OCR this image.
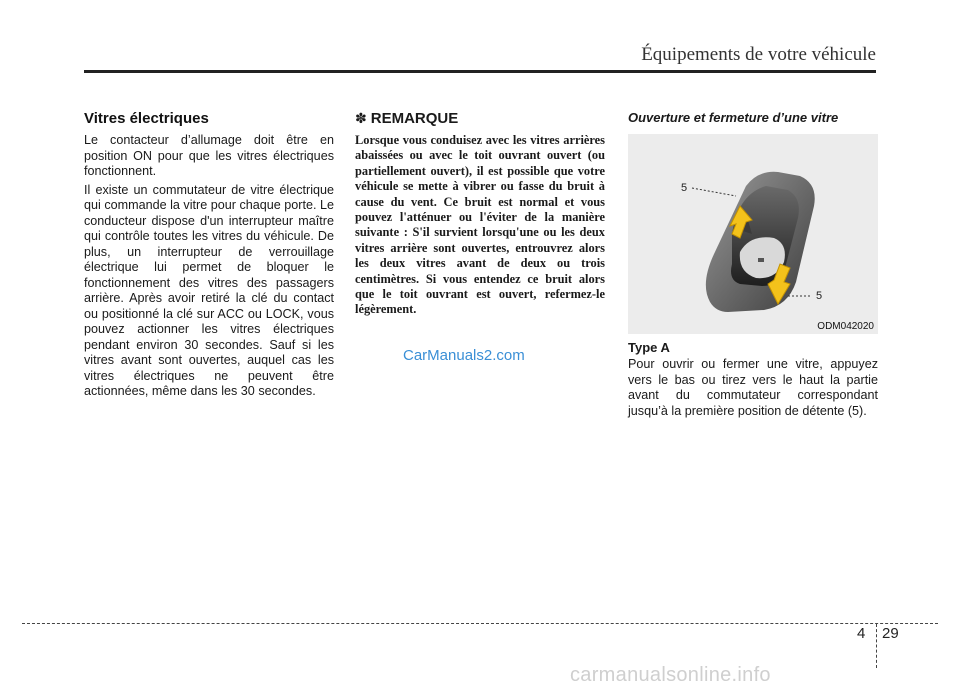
Équipements de votre véhicule
Vitres électriques

Le contacteur d’allumage doit être en position ON pour que les vitres électriques fonctionnent.

Il existe un commutateur de vitre électrique qui commande la vitre pour chaque porte. Le conducteur dispose d'un interrupteur maître qui contrôle toutes les vitres du véhicule. De plus, un interrupteur de verrouillage électrique lui permet de bloquer le fonctionnement des vitres des passagers arrière. Après avoir retiré la clé du contact ou positionné la clé sur ACC ou LOCK, vous pouvez actionner les vitres électriques pendant environ 30 secondes. Sauf si les vitres avant sont ouvertes, auquel cas les vitres électriques ne peuvent être actionnées, même dans les 30 secondes.

✽ REMARQUE

Lorsque vous conduisez avec les vitres arrières abaissées ou avec le toit ouvrant ouvert (ou partiellement ouvert), il est possible que votre véhicule se mette à vibrer ou fasse du bruit à cause du vent. Ce bruit est normal et vous pouvez l'atténuer ou l'éviter de la manière suivante : S'il survient lorsqu'une ou les deux vitres arrière sont ouvertes, entrouvrez alors les deux vitres avant de deux ou trois centimètres. Si vous entendez ce bruit alors que le toit ouvrant est ouvert, refermez-le légèrement.

CarManuals2.com
Ouverture et fermeture d’une vitre
5
5
ODM042020
Type A

Pour ouvrir ou fermer une vitre, appuyez vers le bas ou tirez vers le haut la partie avant du commutateur correspondant jusqu’à la première position de détente (5).

4 29
carmanualsonline.info
